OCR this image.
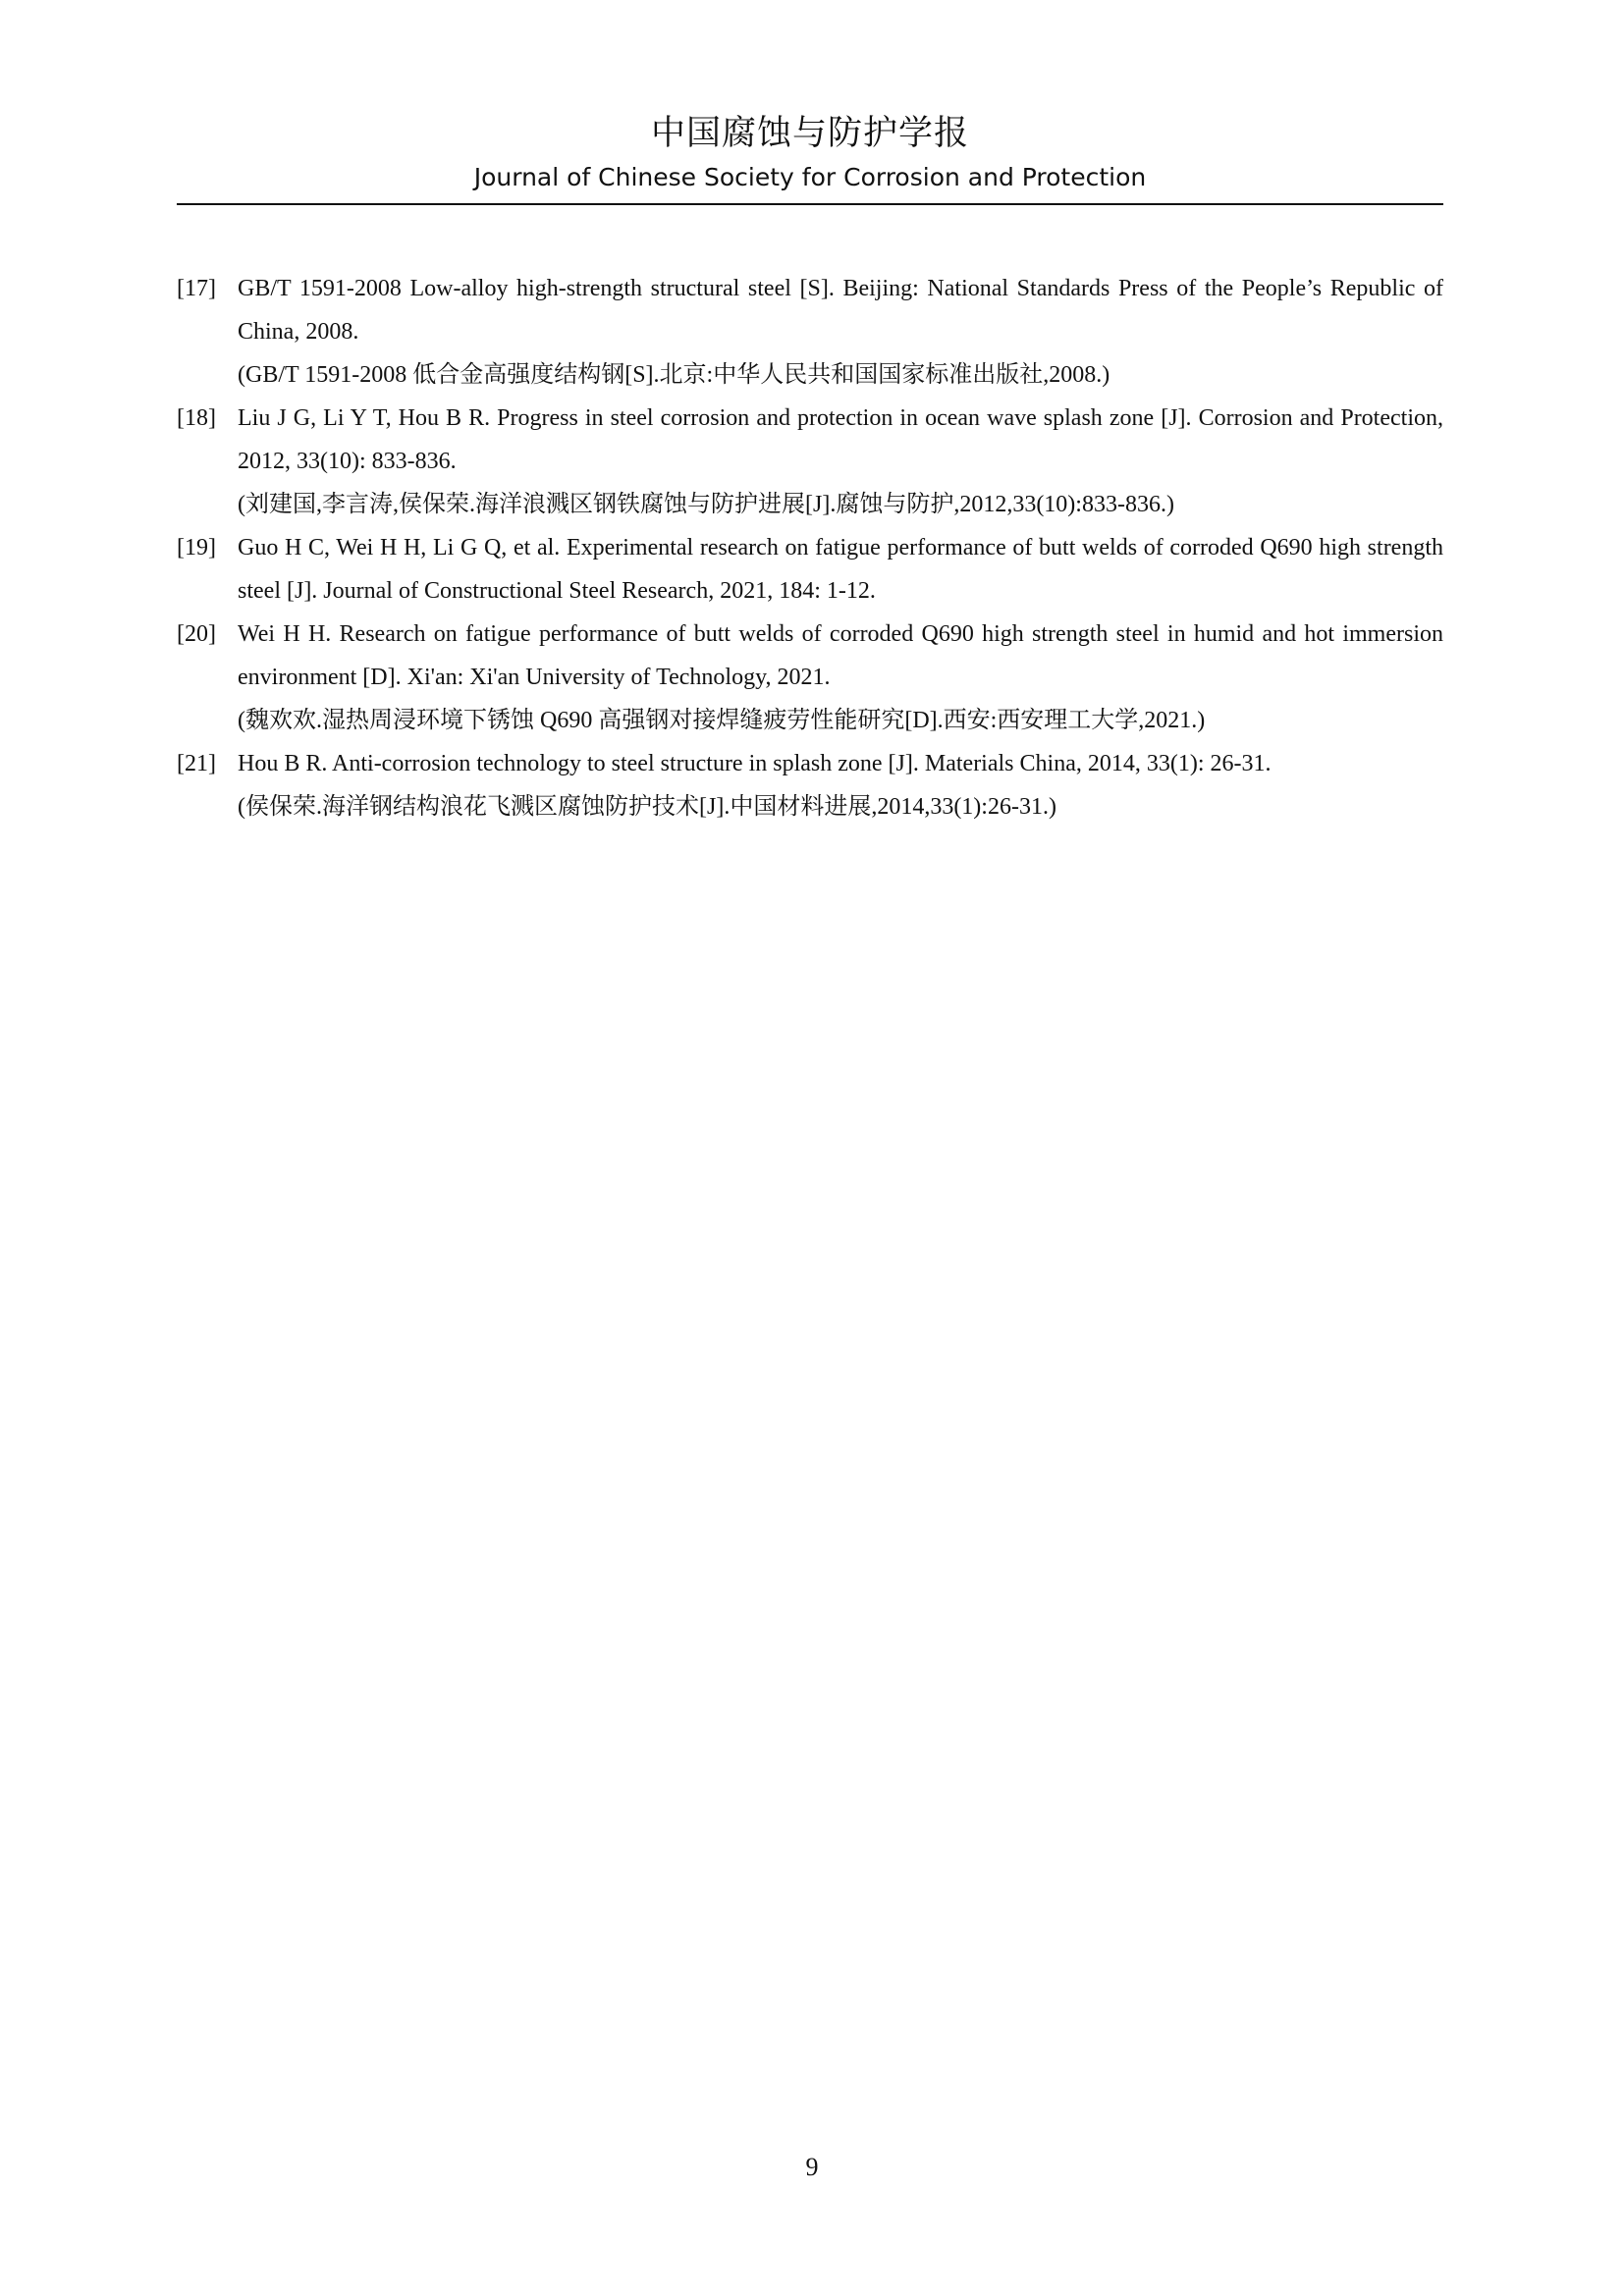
中国腐蚀与防护学报
Journal of Chinese Society for Corrosion and Protection
[17] GB/T 1591-2008 Low-alloy high-strength structural steel [S]. Beijing: National Standards Press of the People’s Republic of China, 2008.
(GB/T 1591-2008 低合金高强度结构钢[S].北京:中华人民共和国国家标准出版社,2008.)
[18] Liu J G, Li Y T, Hou B R. Progress in steel corrosion and protection in ocean wave splash zone [J]. Corrosion and Protection, 2012, 33(10): 833-836.
(刘建国,李言涛,侯保荣.海洋浪溅区钢铁腐蚀与防护进展[J].腐蚀与防护,2012,33(10):833-836.)
[19] Guo H C, Wei H H, Li G Q, et al. Experimental research on fatigue performance of butt welds of corroded Q690 high strength steel [J]. Journal of Constructional Steel Research, 2021, 184: 1-12.
[20] Wei H H. Research on fatigue performance of butt welds of corroded Q690 high strength steel in humid and hot immersion environment [D]. Xi'an: Xi'an University of Technology, 2021.
(魏欢欢.湿热周浸环境下锈蚀 Q690 高强钢对接焊缝疲劳性能研究[D].西安:西安理工大学,2021.)
[21] Hou B R. Anti-corrosion technology to steel structure in splash zone [J]. Materials China, 2014, 33(1): 26-31.
(侯保荣.海洋钢结构浪花飞溅区腐蚀防护技术[J].中国材料进展,2014,33(1):26-31.)
9
